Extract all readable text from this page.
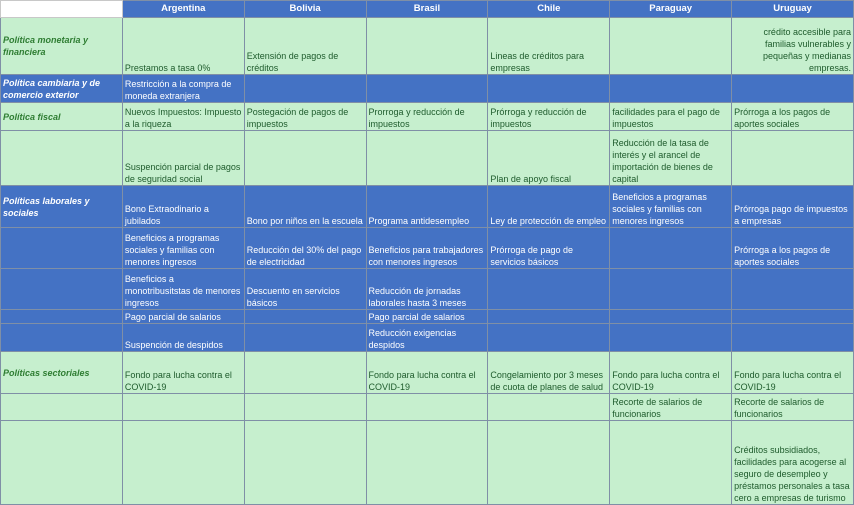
	Argentina	Bolivia	Brasil	Chile	Paraguay	Uruguay
Política monetaria y financiera	Prestamos a tasa 0%	Extensión de pagos de créditos		Lineas de créditos para empresas		crédito accesible para familias vulnerables y pequeñas y medianas empresas.
Política cambiaria y de comercio exterior	Restricción a la compra de moneda extranjera					
Política fiscal	Nuevos Impuestos: Impuesto a la riqueza	Postegación de pagos de impuestos	Prorroga y reducción de impuestos	Prórroga y reducción de impuestos	facilidades para el pago de impuestos	Prórroga a los pagos de aportes sociales
	Suspención parcial de pagos de seguridad social			Plan de apoyo fiscal	Reducción de la tasa de interés y el arancel de importación de bienes de capital	
Políticas laborales y sociales	Bono Extraodinario a jubilados	Bono por niños en la escuela	Programa antidesempleo	Ley de protección de empleo	Beneficios a programas sociales y familias con menores ingresos	Prórroga pago de impuestos a empresas
	Beneficios a programas sociales y familias con menores ingresos	Reducción del 30% del pago de electricidad	Beneficios para trabajadores con menores ingresos	Prórroga de pago de servicios básicos		Prórroga a los pagos de aportes sociales
	Beneficios a monotribusitstas de menores ingresos	Descuento en servicios básicos	Reducción de jornadas laborales hasta 3 meses			
	Pago parcial de salarios		Pago parcial de salarios			
	Suspención de despidos		Reducción exigencias despidos			
Políticas sectoriales	Fondo para lucha contra el COVID-19		Fondo para lucha contra el COVID-19	Congelamiento por 3 meses de cuota de planes de salud	Fondo para lucha contra el COVID-19	Fondo para lucha contra el COVID-19
					Recorte de salarios de funcionarios	Recorte de salarios de funcionarios
						Créditos subsidiados, facilidades para acogerse al seguro de desempleo y préstamos personales a tasa cero a empresas de turismo
